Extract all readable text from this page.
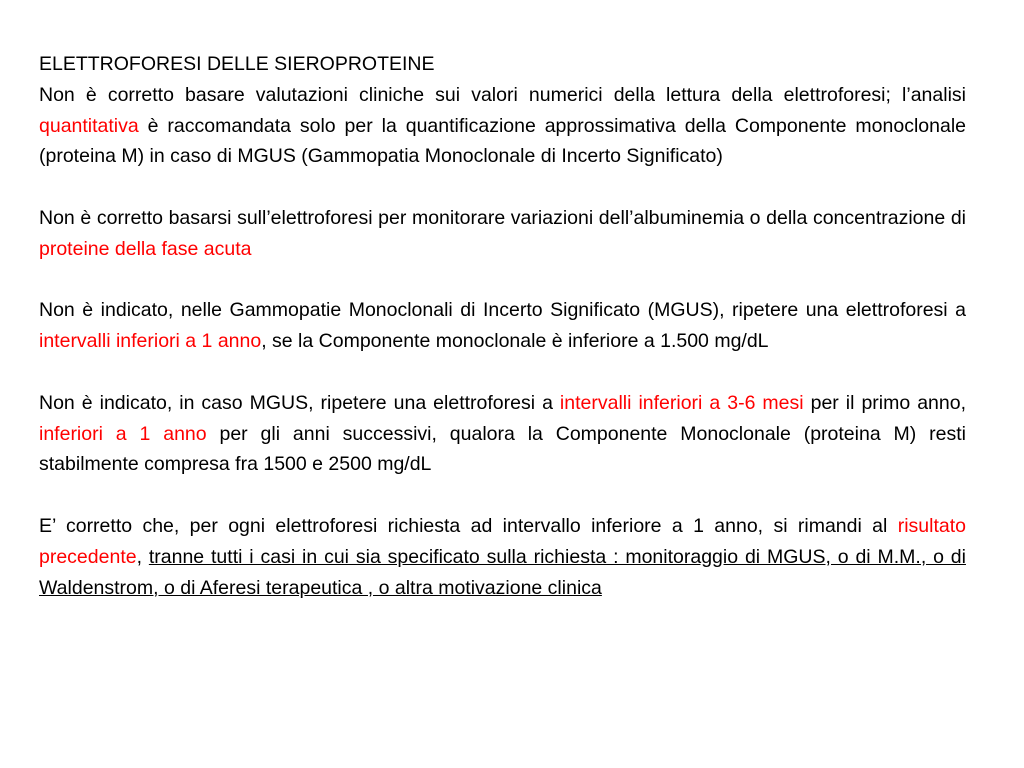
ELETTROFORESI DELLE SIEROPROTEINE

Non è corretto basare valutazioni cliniche sui valori numerici della lettura della elettroforesi; l’analisi quantitativa è raccomandata solo per la quantificazione approssimativa della Componente monoclonale (proteina M) in caso di MGUS (Gammopatia Monoclonale di Incerto Significato)

Non è corretto basarsi sull’elettroforesi per monitorare variazioni dell’albuminemia o della concentrazione di proteine della fase acuta

Non è indicato, nelle Gammopatie Monoclonali di Incerto Significato (MGUS), ripetere una elettroforesi a intervalli inferiori a 1 anno, se la Componente monoclonale è inferiore a 1.500 mg/dL

Non è indicato, in caso MGUS, ripetere una elettroforesi a intervalli inferiori a 3-6 mesi per il primo anno, inferiori a 1 anno per gli anni successivi, qualora la Componente Monoclonale (proteina M) resti stabilmente compresa fra 1500 e 2500 mg/dL

E’ corretto che, per ogni elettroforesi richiesta ad intervallo inferiore a 1 anno, si rimandi al risultato precedente, tranne tutti i casi in cui sia specificato sulla richiesta : monitoraggio di MGUS, o di M.M., o di Waldenstrom, o di Aferesi terapeutica , o altra motivazione clinica
